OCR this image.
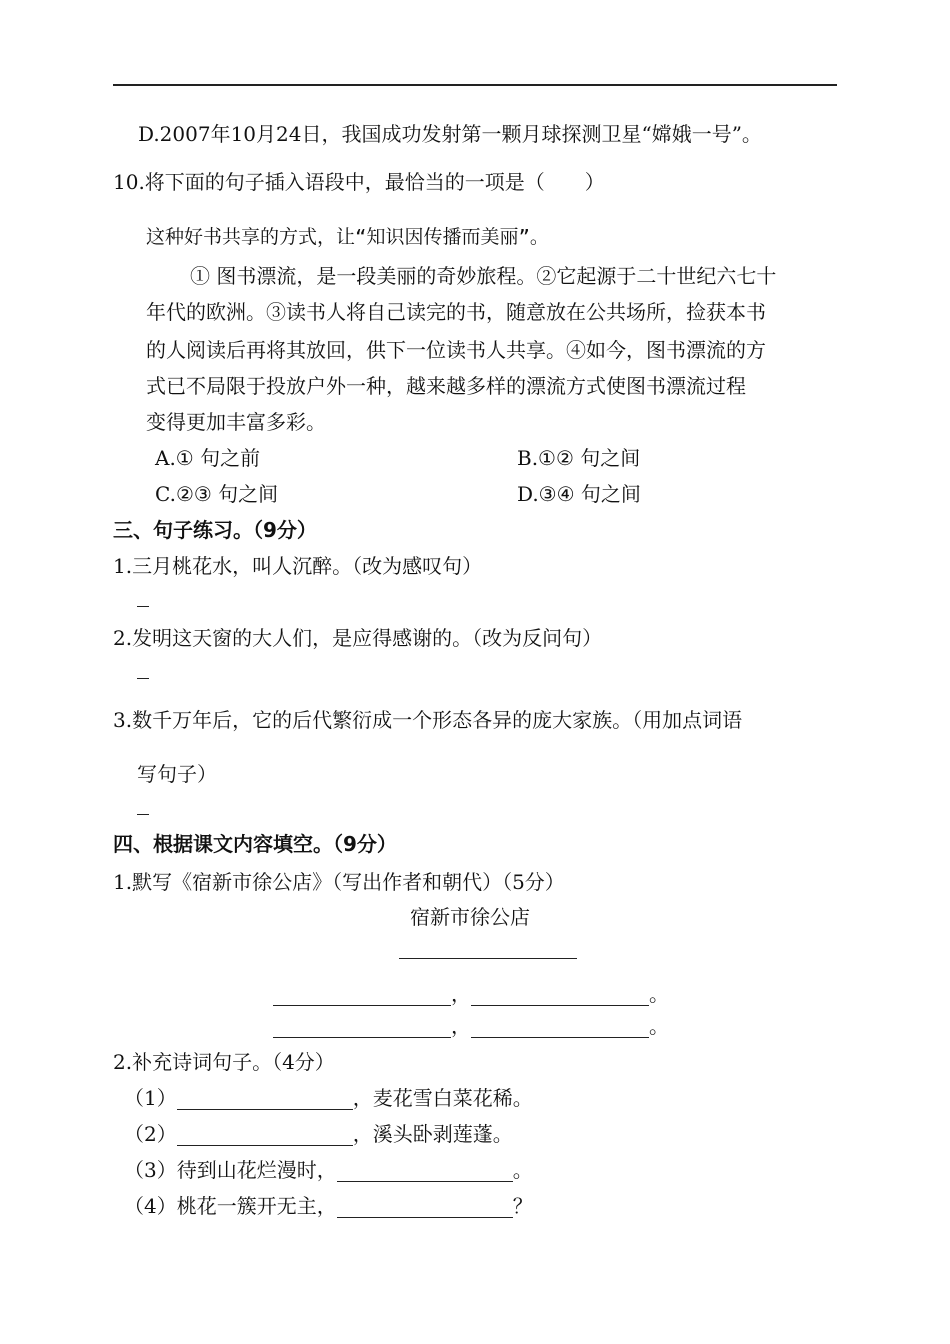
D.2007年10月24日，我国成功发射第一颗月球探测卫星“嫦娥一号”。
10.将下面的句子插入语段中，最恰当的一项是（　　）
这种好书共享的方式，让“知识因传播而美丽”。
① 图书漂流，是一段美丽的奇妙旅程。②它起源于二十世纪六七十
年代的欧洲。③读书人将自己读完的书，随意放在公共场所，捡获本书
的人阅读后再将其放回，供下一位读书人共享。④如今，图书漂流的方
式已不局限于投放户外一种，越来越多样的漂流方式使图书漂流过程
变得更加丰富多彩。
A.① 句之前	B.①② 句之间
C.②③ 句之间	D.③④ 句之间
三、句子练习。（9分）
1.三月桃花水，叫人沉醉。（改为感叹句）
2.发明这天窗的大人们，是应得感谢的。（改为反问句）
3.数千万年后，它的后代繁衍成一个形态各异的庞大家族。（用加点词语
写句子）
四、根据课文内容填空。（9分）
1.默写《宿新市徐公店》（写出作者和朝代）（5分）
宿新市徐公店
，	。
，	。
2.补充诗词句子。（4分）
（1）	，麦花雪白菜花稀。
（2）	，溪头卧剥莲蓬。
（3）待到山花烂漫时，	。
（4）桃花一簇开无主，	？
